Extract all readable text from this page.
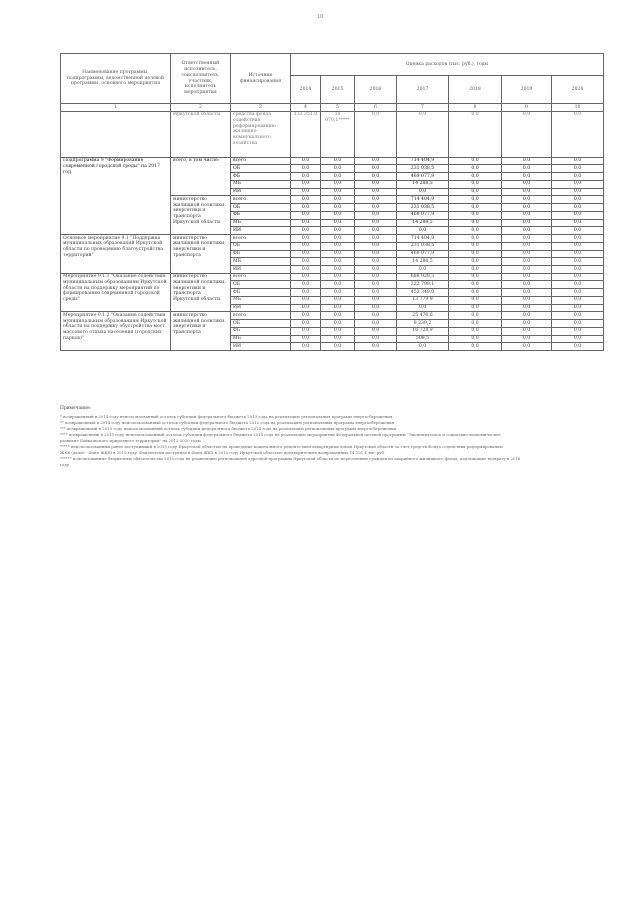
10
Наименование программы, подпрограммы, ведомственной целевой программы, основного мероприятия	Ответственный исполнитель, соисполнитель, участник, исполнитель мероприятия	Источник финансирования	Оценка расходов (тыс. руб.), годы						
			2014	2015	2016	2017	2018	2019	2020
1	2	3	4	5	6	7	8	9	10
	Иркутской области	средства фонда содействия реформированию жилищно-коммунального хозяйства	133 351,0	10 070,1*****	0,0	0,0	0,0	0,0	0,0
Подпрограмма 9 "Формирование современной городской среды" на 2017 год	всего, в том числе:	всего	0,0	0,0	0,0	714 404,9	0,0	0,0	0,0
		ОБ	0,0	0,0	0,0	231 038,5	0,0	0,0	0,0
		ФБ	0,0	0,0	0,0	469 077,9	0,0	0,0	0,0
		МБ	0,0	0,0	0,0	14 288,5	0,0	0,0	0,0
		ИИ	0,0	0,0	0,0	0,0	0,0	0,0	0,0
	министерство жилищной политики, энергетики и транспорта Иркутской области	всего	0,0	0,0	0,0	714 404,9	0,0	0,0	0,0
		ОБ	0,0	0,0	0,0	231 038,5	0,0	0,0	0,0
		ФБ	0,0	0,0	0,0	469 077,9	0,0	0,0	0,0
		МБ	0,0	0,0	0,0	14 288,5	0,0	0,0	0,0
		ИИ	0,0	0,0	0,0	0,0	0,0	0,0	0,0
Основное мероприятие 9.1 "Поддержка муниципальных образований Иркутской области по проведению благоустройства территорий"	министерство жилищной политики, энергетики и транспорта	всего	0,0	0,0	0,0	714 404,9	0,0	0,0	0,0
		ОБ	0,0	0,0	0,0	231 038,5	0,0	0,0	0,0
		ФБ	0,0	0,0	0,0	469 077,9	0,0	0,0	0,0
		МБ	0,0	0,0	0,0	14 288,5	0,0	0,0	0,0
		ИИ	0,0	0,0	0,0	0,0	0,0	0,0	0,0
Мероприятие 9.1.1 "Оказание содействия муниципальным образованиям Иркутской области на поддержку мероприятий по формированию современной городской среды"	министерство жилищной политики, энергетики и транспорта Иркутской области	всего	0,0	0,0	0,0	688 928,3	0,0	0,0	0,0
		ОБ	0,0	0,0	0,0	222 799,1	0,0	0,0	0,0
		ФБ	0,0	0,0	0,0	452 349,0	0,0	0,0	0,0
		МБ	0,0	0,0	0,0	13 779,9	0,0	0,0	0,0
		ИИ	0,0	0,0	0,0	0,0	0,0	0,0	0,0
Мероприятие 9.1.2 "Оказание содействия муниципальным образованиям Иркутской области на поддержку обустройства мест массового отдыха населения (городских парков)"	министерство жилищной политики, энергетики и транспорта	всего	0,0	0,0	0,0	25 476,6	0,0	0,0	0,0
		ОБ	0,0	0,0	0,0	8 239,2	0,0	0,0	0,0
		ФБ	0,0	0,0	0,0	16 728,9	0,0	0,0	0,0
		МБ	0,0	0,0	0,0	508,5	0,0	0,0	0,0
		ИИ	0,0	0,0	0,0	0,0	0,0	0,0	0,0
Примечание:

* возвращенный в 2014 году неиспользованный остаток субсидии федерального бюджета 2013 года на реализацию региональных программ энергосбережения

** возвращенный в 2014 году неиспользованный остаток субсидии федерального бюджета 2012 года на реализацию региональных программ энергосбережения

*** возвращенный в 2015 году неиспользованный остаток субсидии федерального бюджета 2014 года на реализацию региональных программ энергосбережения

**** возвращенный в 2015 году неиспользованный остаток субсидии федерального бюджета 2014 года на реализацию мероприятий Федеральной целевой программы "Экономическое и социально-экономическое

развитие Байкальского природного территории" на 2012-2020 годы

***** неиспользованный ранее поступивший в 2015 году Иркутской областью на проведение капитального ремонта многоквартирных домов Иркутской области за счет средств Фонда содействия реформированию

ЖКХ (далее - Фонд ЖКХ) в 2015 году. Фактически поступило в Фонд ЖКХ в 2015 году Иркутской областью предварительно возвращенных 14 151,4 тыс.руб.

****** использованные бюджетные обязательства 2015 года на реализацию региональной адресной программы Иркутской области по переселению граждан из аварийного жилищного фонда, подлежащие возврату в 2016

году
